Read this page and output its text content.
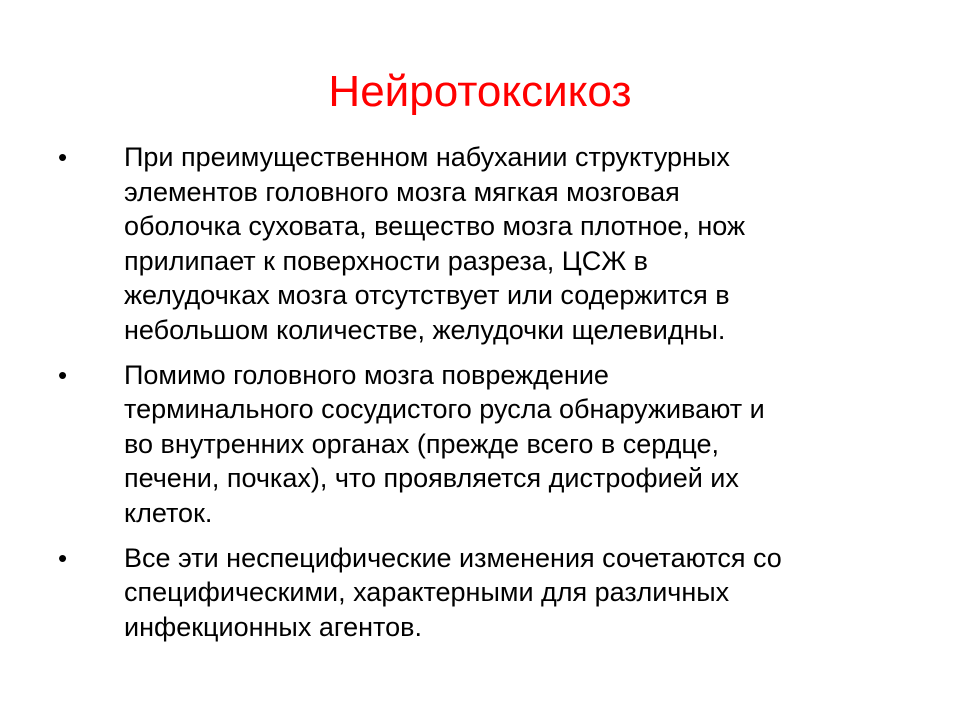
Нейротоксикоз
• При преимущественном набухании структурных
элементов головного мозга мягкая мозговая
оболочка суховата, вещество мозга плотное, нож
прилипает к поверхности разреза, ЦСЖ в
желудочках мозга отсутствует или содержится в
небольшом количестве, желудочки щелевидны.
• Помимо головного мозга повреждение
терминального сосудистого русла обнаруживают и
во внутренних органах (прежде всего в сердце,
печени, почках), что проявляется дистрофией их
клеток.
• Все эти неспецифические изменения сочетаются со
специфическими, характерными для различных
инфекционных агентов.
